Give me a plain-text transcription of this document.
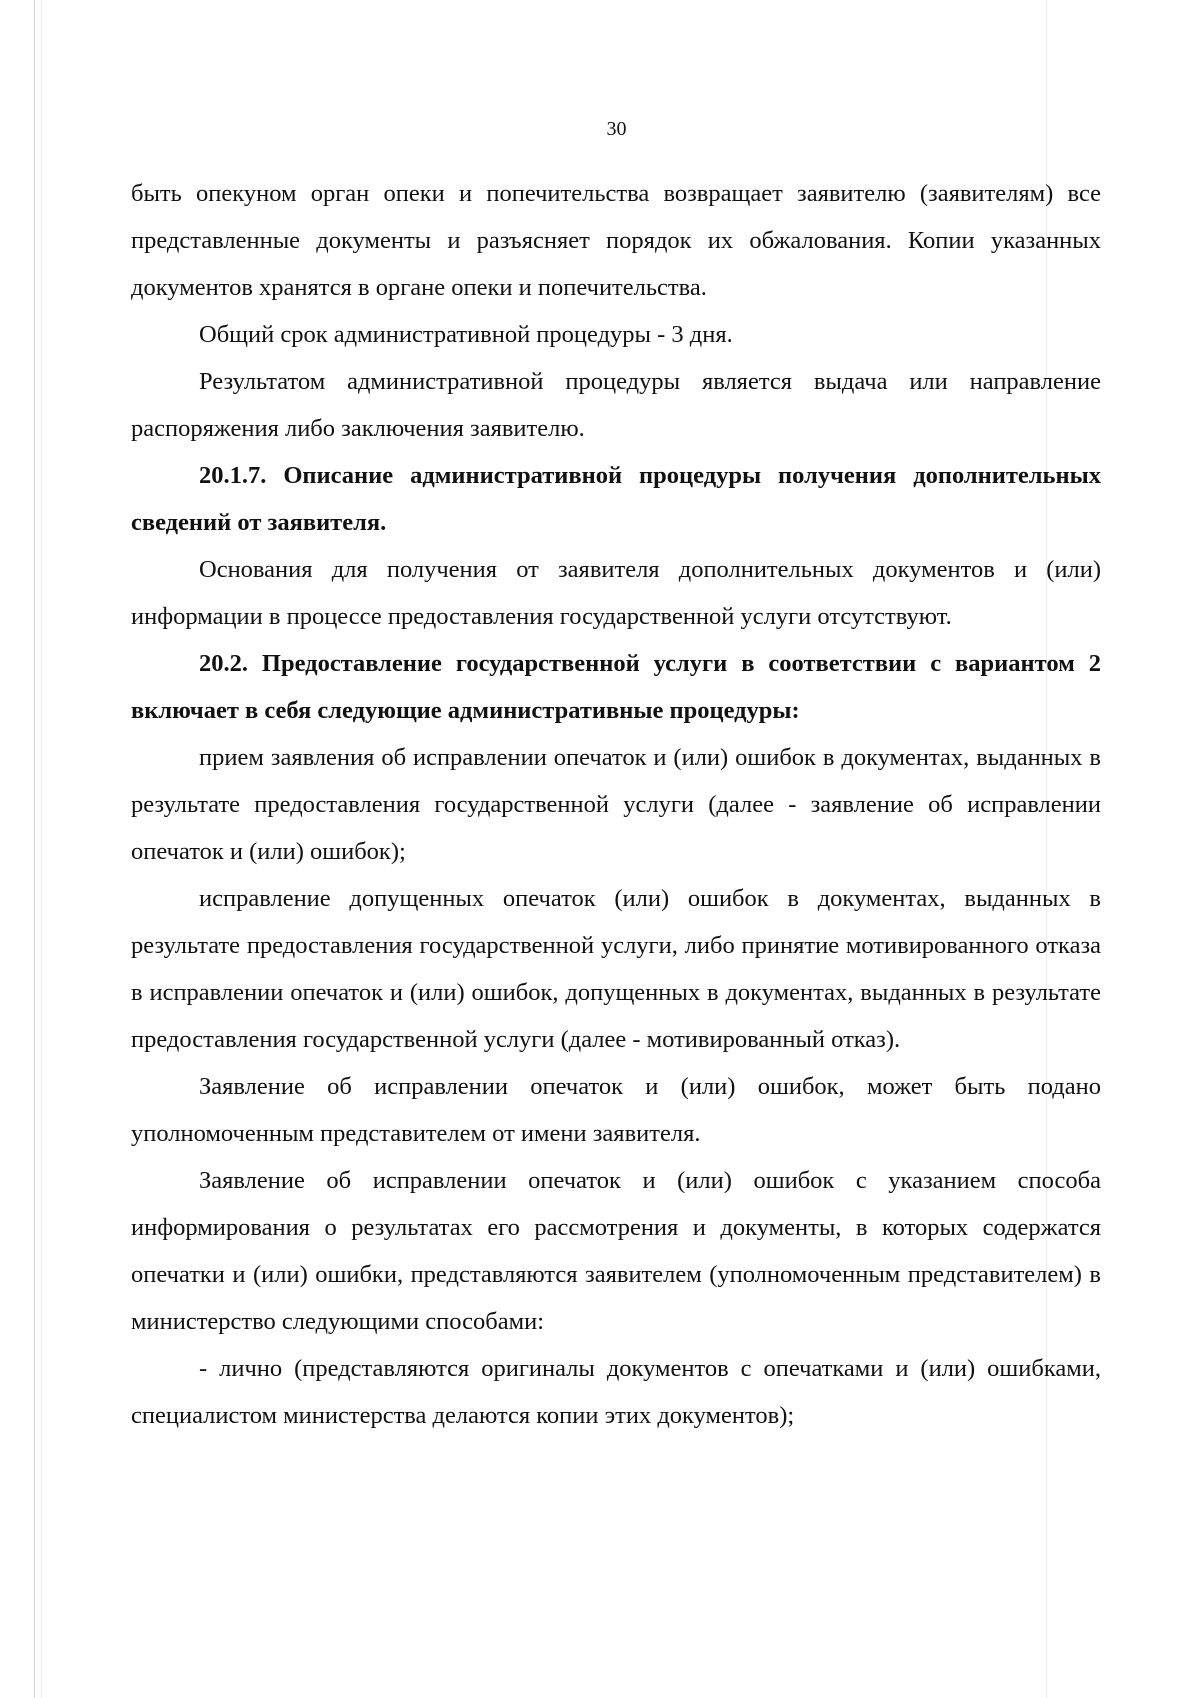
30

быть опекуном орган опеки и попечительства возвращает заявителю (заявителям) все представленные документы и разъясняет порядок их обжалования. Копии указанных документов хранятся в органе опеки и попечительства.

Общий срок административной процедуры - 3 дня.

Результатом административной процедуры является выдача или направление распоряжения либо заключения заявителю.

20.1.7. Описание административной процедуры получения дополнительных сведений от заявителя.

Основания для получения от заявителя дополнительных документов и (или) информации в процессе предоставления государственной услуги отсутствуют.

20.2. Предоставление государственной услуги в соответствии с вариантом 2 включает в себя следующие административные процедуры:

прием заявления об исправлении опечаток и (или) ошибок в документах, выданных в результате предоставления государственной услуги (далее - заявление об исправлении опечаток и (или) ошибок);

исправление допущенных опечаток (или) ошибок в документах, выданных в результате предоставления государственной услуги, либо принятие мотивированного отказа в исправлении опечаток и (или) ошибок, допущенных в документах, выданных в результате предоставления государственной услуги (далее - мотивированный отказ).

Заявление об исправлении опечаток и (или) ошибок, может быть подано уполномоченным представителем от имени заявителя.

Заявление об исправлении опечаток и (или) ошибок с указанием способа информирования о результатах его рассмотрения и документы, в которых содержатся опечатки и (или) ошибки, представляются заявителем (уполномоченным представителем) в министерство следующими способами:

- лично (представляются оригиналы документов с опечатками и (или) ошибками, специалистом министерства делаются копии этих документов);
